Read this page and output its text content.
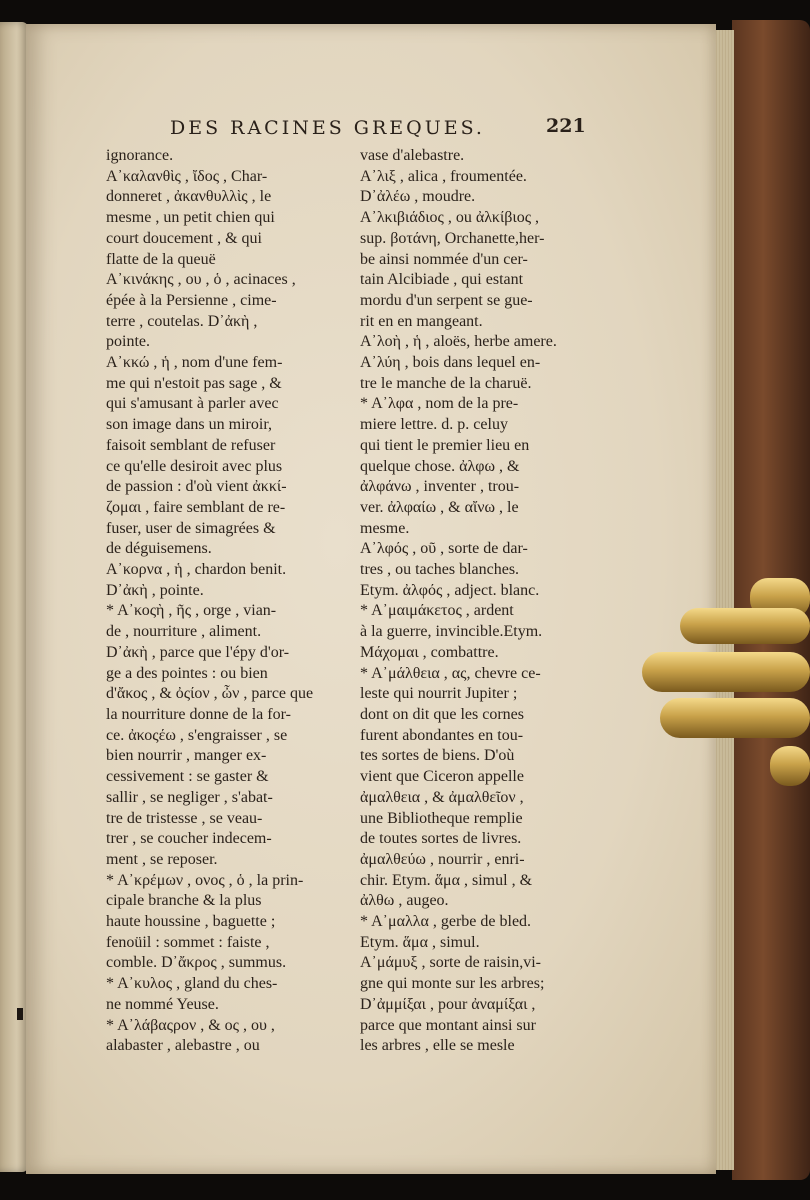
DES RACINES GREQUES.	221
ignorance.
Α᾽καλανθὶς , ἴδος , Char-
donneret , ἀκανθυλλὶς , le
mesme , un petit chien qui
court doucement , & qui
flatte de la queuë
Α᾽κινάκης , ου , ὁ , acinaces ,
épée à la Persienne , cime-
terre , coutelas. D᾽ἀκὴ ,
pointe.
Α᾽κκώ , ἡ , nom d'une fem-
me qui n'estoit pas sage , &
qui s'amusant à parler avec
son image dans un miroir,
faisoit semblant de refuser
ce qu'elle desiroit avec plus
de passion : d'où vient ἀκκί-
ζομαι , faire semblant de re-
fuser, user de simagrées &
de déguisemens.
Α᾽κορνα , ἡ , chardon benit.
D᾽ἀκὴ , pointe.
* Α᾽κοςὴ , ῆς , orge , vian-
de , nourriture , aliment.
D᾽ἀκὴ , parce que l'épy d'or-
ge a des pointes : ou bien
d'ἄκος , & ὀςίον , ὦν , parce que
la nourriture donne de la for-
ce. ἀκοςέω , s'engraisser , se
bien nourrir , manger ex-
cessivement : se gaster &
sallir , se negliger , s'abat-
tre de tristesse , se veau-
trer , se coucher indecem-
ment , se reposer.
* Α᾽κρέμων , ονος , ὁ , la prin-
cipale branche & la plus
haute houssine , baguette ;
fenoüil : sommet : faiste ,
comble. D᾽ἄκρος , summus.
* Α᾽κυλος , gland du ches-
ne nommé Yeuse.
* Α᾽λάβαςρον , & ος , ου ,
alabaster , alebastre , ou
vase d'alebastre.
Α᾽λιξ , alica , froumentée.
D᾽ἀλέω , moudre.
Α᾽λκιβιάδιος , ou ἀλκίβιος ,
sup. βοτάνη, Orchanette,her-
be ainsi nommée d'un cer-
tain Alcibiade , qui estant
mordu d'un serpent se gue-
rit en en mangeant.
Α᾽λοὴ , ἡ , aloës, herbe amere.
Α᾽λύη , bois dans lequel en-
tre le manche de la charuë.
* Α᾽λφα , nom de la pre-
miere lettre. d. p. celuy
qui tient le premier lieu en
quelque chose. ἀλφω , &
ἀλφάνω , inventer , trou-
ver. ἀλφαίω , & αἴνω , le
mesme.
Α᾽λφός , οῦ , sorte de dar-
tres , ou taches blanches.
Etym. ἀλφός , adject. blanc.
* Α᾽μαιμάκετος , ardent
à la guerre, invincible.Etym.
Μάχομαι , combattre.
* Α᾽μάλθεια , ας, chevre ce-
leste qui nourrit Jupiter ;
dont on dit que les cornes
furent abondantes en tou-
tes sortes de biens. D'où
vient que Ciceron appelle
ἀμαλθεια , & ἀμαλθεῖον ,
une Bibliotheque remplie
de toutes sortes de livres.
ἀμαλθεύω , nourrir , enri-
chir. Etym. ἅμα , simul , &
ἀλθω , augeo.
* Α᾽μαλλα , gerbe de bled.
Etym. ἅμα , simul.
Α᾽μάμυξ , sorte de raisin,vi-
gne qui monte sur les arbres;
D᾽ἀμμίξαι , pour ἀναμίξαι ,
parce que montant ainsi sur
les arbres , elle se mesle
